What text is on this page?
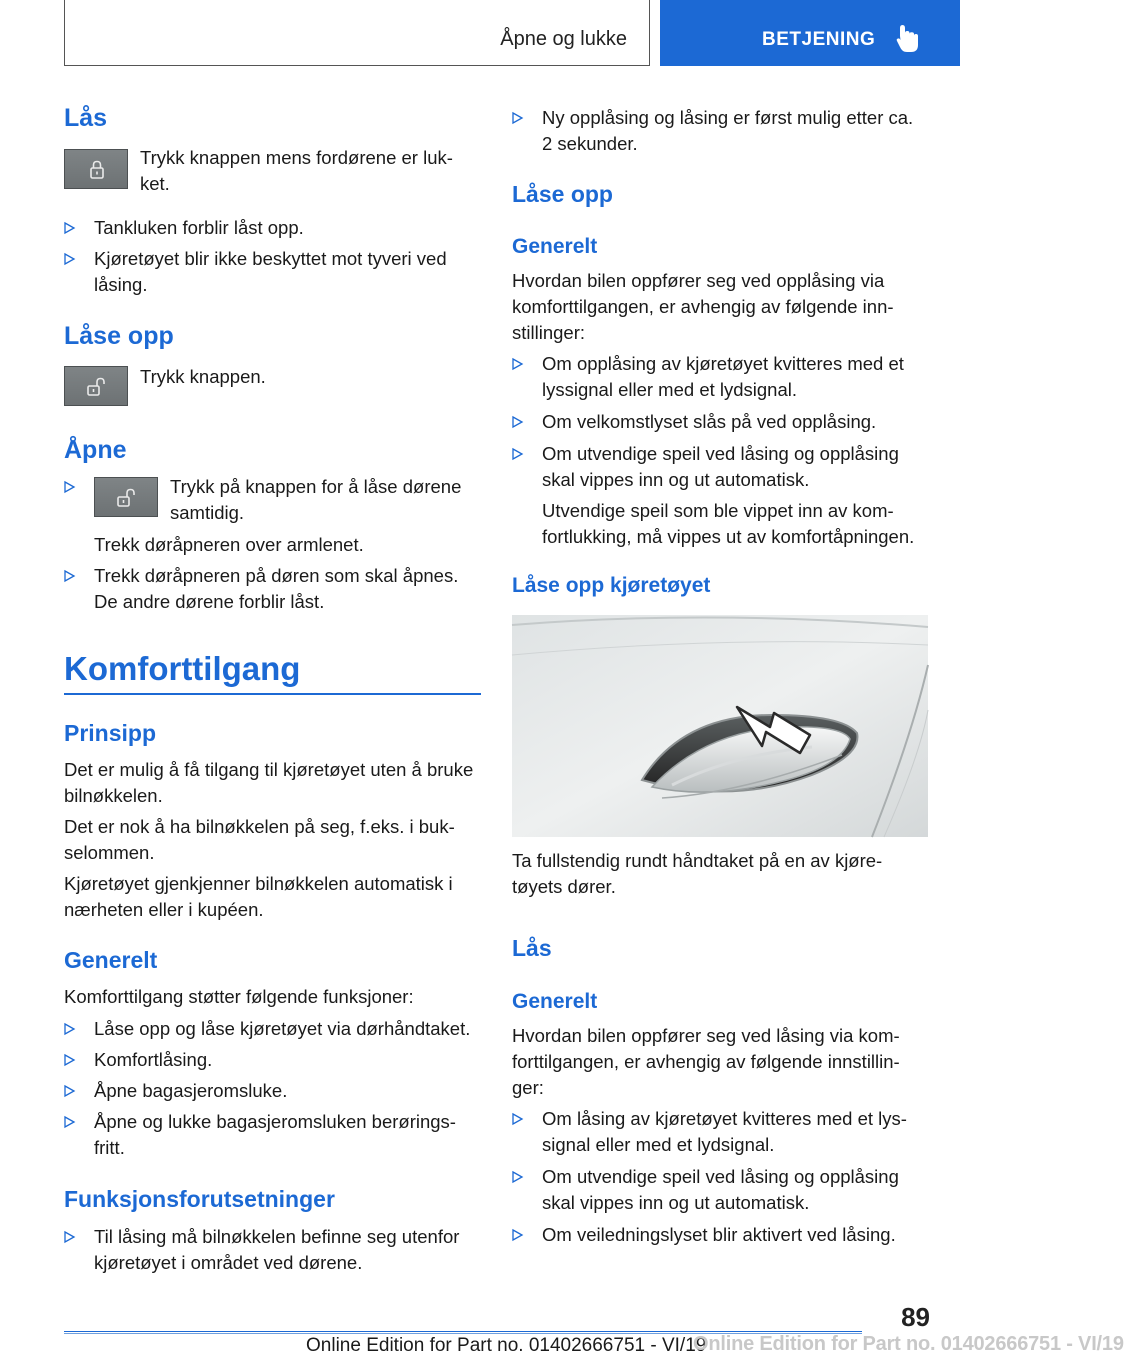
Åpne og lukke	BETJENING
Lås
Trykk knappen mens fordørene er luk-ket.
Tankluken forblir låst opp.
Kjøretøyet blir ikke beskyttet mot tyveri ved låsing.
Låse opp
Trykk knappen.
Åpne
Trykk på knappen for å låse dørene samtidig.
Trekk døråpneren over armlenet.
Trekk døråpneren på døren som skal åpnes. De andre dørene forblir låst.
Komforttilgang
Prinsipp
Det er mulig å få tilgang til kjøretøyet uten å bruke bilnøkkelen.
Det er nok å ha bilnøkkelen på seg, f.eks. i buk-selommen.
Kjøretøyet gjenkjenner bilnøkkelen automatisk i nærheten eller i kupéen.
Generelt
Komforttilgang støtter følgende funksjoner:
Låse opp og låse kjøretøyet via dørhåndtaket.
Komfortlåsing.
Åpne bagasjeromsluke.
Åpne og lukke bagasjeromsluken berørings-fritt.
Funksjonsforutsetninger
Til låsing må bilnøkkelen befinne seg utenfor kjøretøyet i området ved dørene.
Ny opplåsing og låsing er først mulig etter ca. 2 sekunder.
Låse opp
Generelt
Hvordan bilen oppfører seg ved opplåsing via komforttilgangen, er avhengig av følgende inn-stillinger:
Om opplåsing av kjøretøyet kvitteres med et lyssignal eller med et lydsignal.
Om velkomstlyset slås på ved opplåsing.
Om utvendige speil ved låsing og opplåsing skal vippes inn og ut automatisk.
Utvendige speil som ble vippet inn av kom-fortlukking, må vippes ut av komfortåpningen.
Låse opp kjøretøyet
Ta fullstendig rundt håndtaket på en av kjøre-tøyets dører.
Lås
Generelt
Hvordan bilen oppfører seg ved låsing via kom-forttilgangen, er avhengig av følgende innstillin-ger:
Om låsing av kjøretøyet kvitteres med et lys-signal eller med et lydsignal.
Om utvendige speil ved låsing og opplåsing skal vippes inn og ut automatisk.
Om veiledningslyset blir aktivert ved låsing.
89
Online Edition for Part no. 01402666751 - VI/19
Online Edition for Part no. 01402666751 - VI/19
